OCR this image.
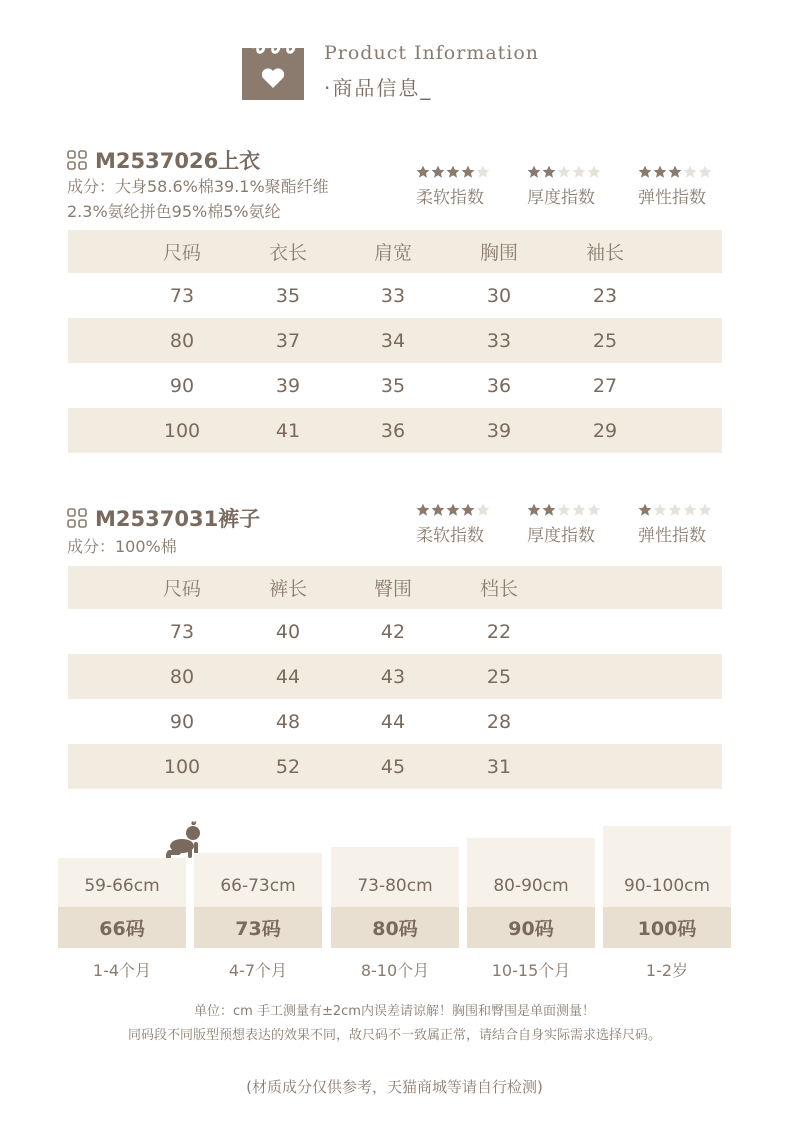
Product Information
·商品信息_
M2537026上衣
成分：大身58.6%棉39.1%聚酯纤维
2.3%氨纶拼色95%棉5%氨纶
柔软指数	厚度指数	弹性指数
尺码	衣长	肩宽	胸围	袖长
73	35	33	30	23
80	37	34	33	25
90	39	35	36	27
100	41	36	39	29
M2537031裤子
成分：100%棉
柔软指数	厚度指数	弹性指数
尺码	裤长	臀围	档长
73	40	42	22
80	44	43	25
90	48	44	28
100	52	45	31
59-66cm
66码
1-4个月
66-73cm
73码
4-7个月
73-80cm
80码
8-10个月
80-90cm
90码
10-15个月
90-100cm
100码
1-2岁
单位：cm 手工测量有±2cm内误差请谅解！胸围和臀围是单面测量！
同码段不同版型预想表达的效果不同，故尺码不一致属正常，请结合自身实际需求选择尺码。
(材质成分仅供参考，天猫商城等请自行检测)
